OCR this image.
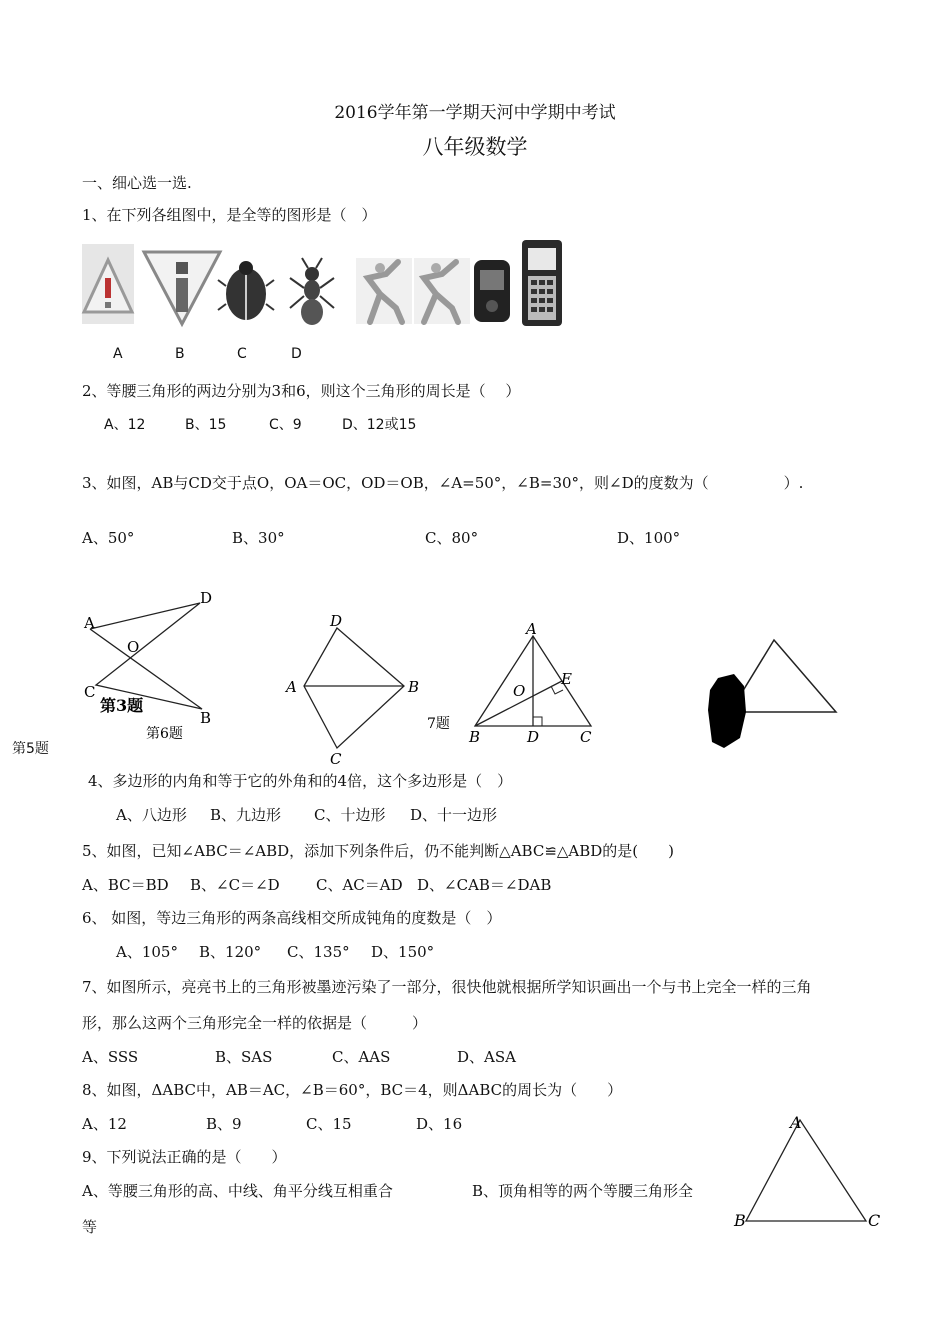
2016学年第一学期天河中学期中考试
八年级数学
一、细心选一选.
1、在下列各组图中，是全等的图形是（　）
A	B	C	D
2、等腰三角形的两边分别为3和6，则这个三角形的周长是（　 ）
A、12	B、15	C、9	D、12或15
3、如图，AB与CD交于点O，OA＝OC，OD＝OB，∠A=50°，∠B=30°，则∠D的度数为（　　　　　）.
A、50°	B、30°	C、80°	D、100°
A
B
C
D
O
第3题
第6题
第5题
D
A	B
C
A
B	C
D
E
O
7题
4、多边形的内角和等于它的外角和的4倍，这个多边形是（　）
A、八边形 B、九边形 C、十边形 D、十一边形
5、如图，已知∠ABC＝∠ABD，添加下列条件后，仍不能判断△ABC≌△ABD的是(　　)
A、BC＝BD B、∠C＝∠D C、AC＝AD D、∠CAB＝∠DAB
6、 如图，等边三角形的两条高线相交所成钝角的度数是（　）
A、105° B、120° C、135° D、150°
7、如图所示，亮亮书上的三角形被墨迹污染了一部分，很快他就根据所学知识画出一个与书上完全一样的三角
形，那么这两个三角形完全一样的依据是（　　　）
A、SSS	B、SAS	C、AAS	D、ASA
8、如图，ΔABC中，AB＝AC，∠B＝60°，BC＝4，则ΔABC的周长为（　　）
A、12	B、9	C、15	D、16	A
B	C
9、下列说法正确的是（　　）
A、等腰三角形的高、中线、角平分线互相重合	B、顶角相等的两个等腰三角形全
等
